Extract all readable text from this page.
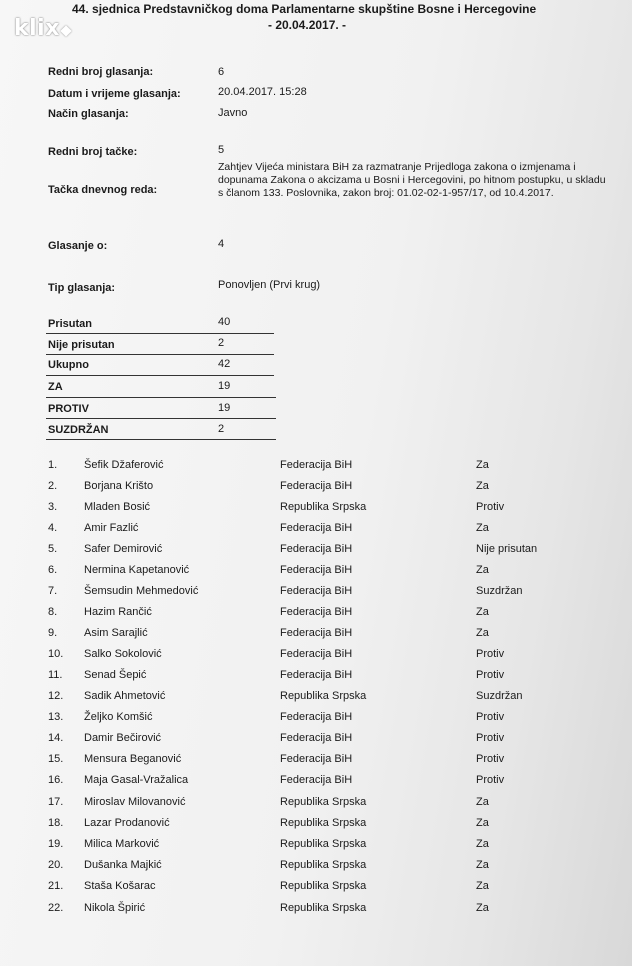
klix
44. sjednica Predstavničkog doma Parlamentarne skupštine Bosne i Hercegovine
- 20.04.2017. -
Redni broj glasanja:	6
Datum i vrijeme glasanja:	20.04.2017. 15:28
Način glasanja:	Javno
Redni broj tačke:	5
Tačka dnevnog reda:
Zahtjev Vijeća ministara BiH za razmatranje Prijedloga zakona o izmjenama i dopunama Zakona o akcizama u Bosni i Hercegovini, po hitnom postupku, u skladu s članom 133. Poslovnika, zakon broj: 01.02-02-1-957/17, od 10.4.2017.
Glasanje o:	4
Tip glasanja:	Ponovljen (Prvi krug)
Prisutan	40
Nije prisutan	2
Ukupno	42
ZA	19
PROTIV	19
SUZDRŽAN	2
1.	Šefik Džaferović	Federacija BiH	Za
2.	Borjana Krišto	Federacija BiH	Za
3.	Mladen Bosić	Republika Srpska	Protiv
4.	Amir Fazlić	Federacija BiH	Za
5.	Safer Demirović	Federacija BiH	Nije prisutan
6.	Nermina Kapetanović	Federacija BiH	Za
7.	Šemsudin Mehmedović	Federacija BiH	Suzdržan
8.	Hazim Rančić	Federacija BiH	Za
9.	Asim Sarajlić	Federacija BiH	Za
10.	Salko Sokolović	Federacija BiH	Protiv
11.	Senad Šepić	Federacija BiH	Protiv
12.	Sadik Ahmetović	Republika Srpska	Suzdržan
13.	Željko Komšić	Federacija BiH	Protiv
14.	Damir Bečirović	Federacija BiH	Protiv
15.	Mensura Beganović	Federacija BiH	Protiv
16.	Maja Gasal-Vražalica	Federacija BiH	Protiv
17.	Miroslav Milovanović	Republika Srpska	Za
18.	Lazar Prodanović	Republika Srpska	Za
19.	Milica Marković	Republika Srpska	Za
20.	Dušanka Majkić	Republika Srpska	Za
21.	Staša Košarac	Republika Srpska	Za
22.	Nikola Špirić	Republika Srpska	Za
